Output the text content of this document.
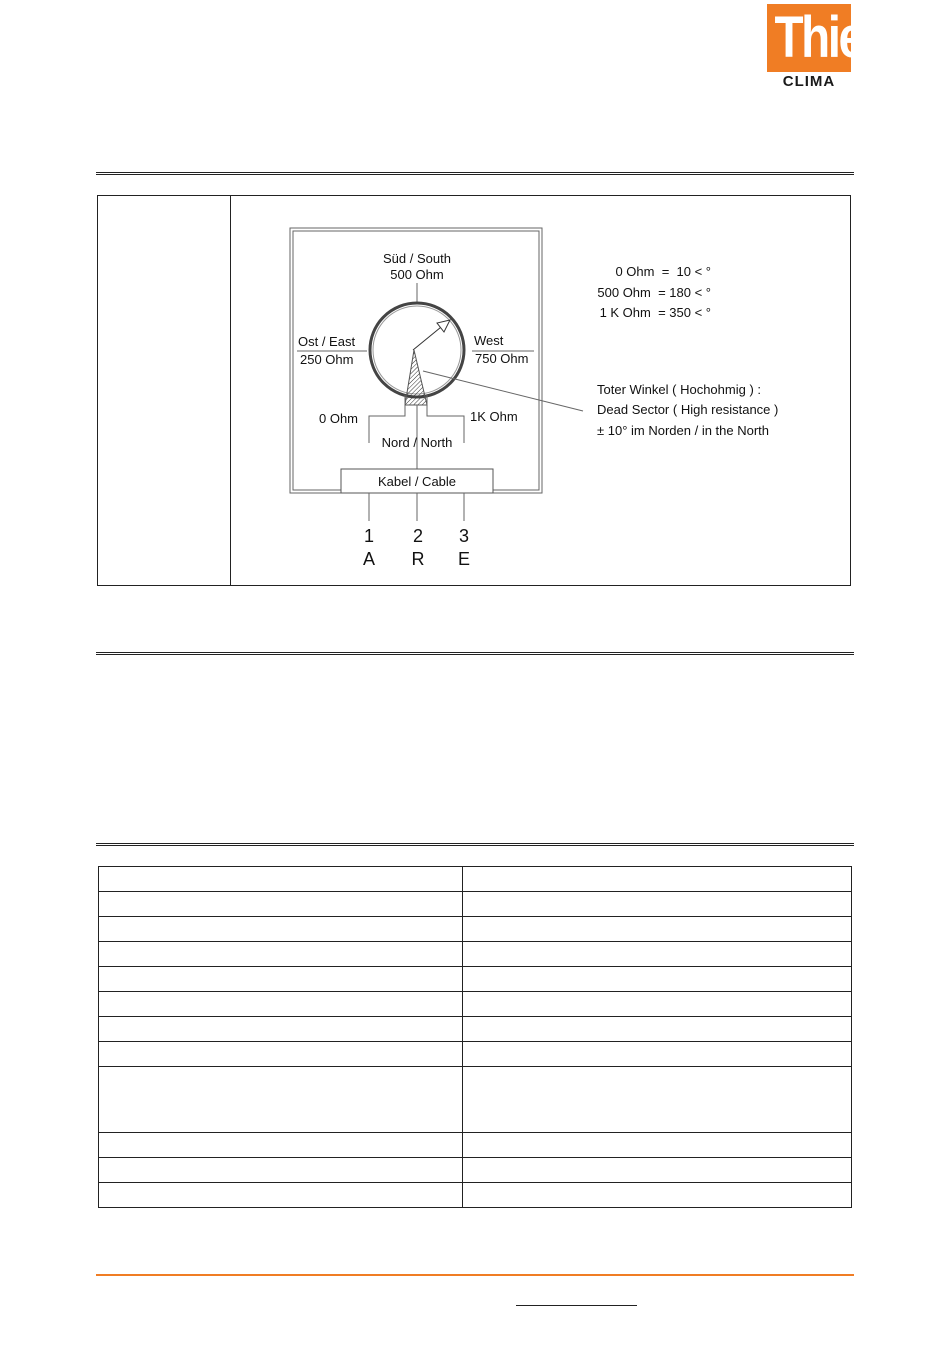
Thies
CLIMA
Süd / South
500 Ohm
Ost / East
250 Ohm
West
750 Ohm
0 Ohm	1K Ohm
Nord / North
Kabel / Cable
1
A
2
R
3
E
0 Ohm  =  10 < °
500 Ohm  = 180 < °
1 K Ohm  = 350 < °
Toter Winkel ( Hochohmig ) :
Dead Sector ( High resistance )
± 10° im Norden / in the North
